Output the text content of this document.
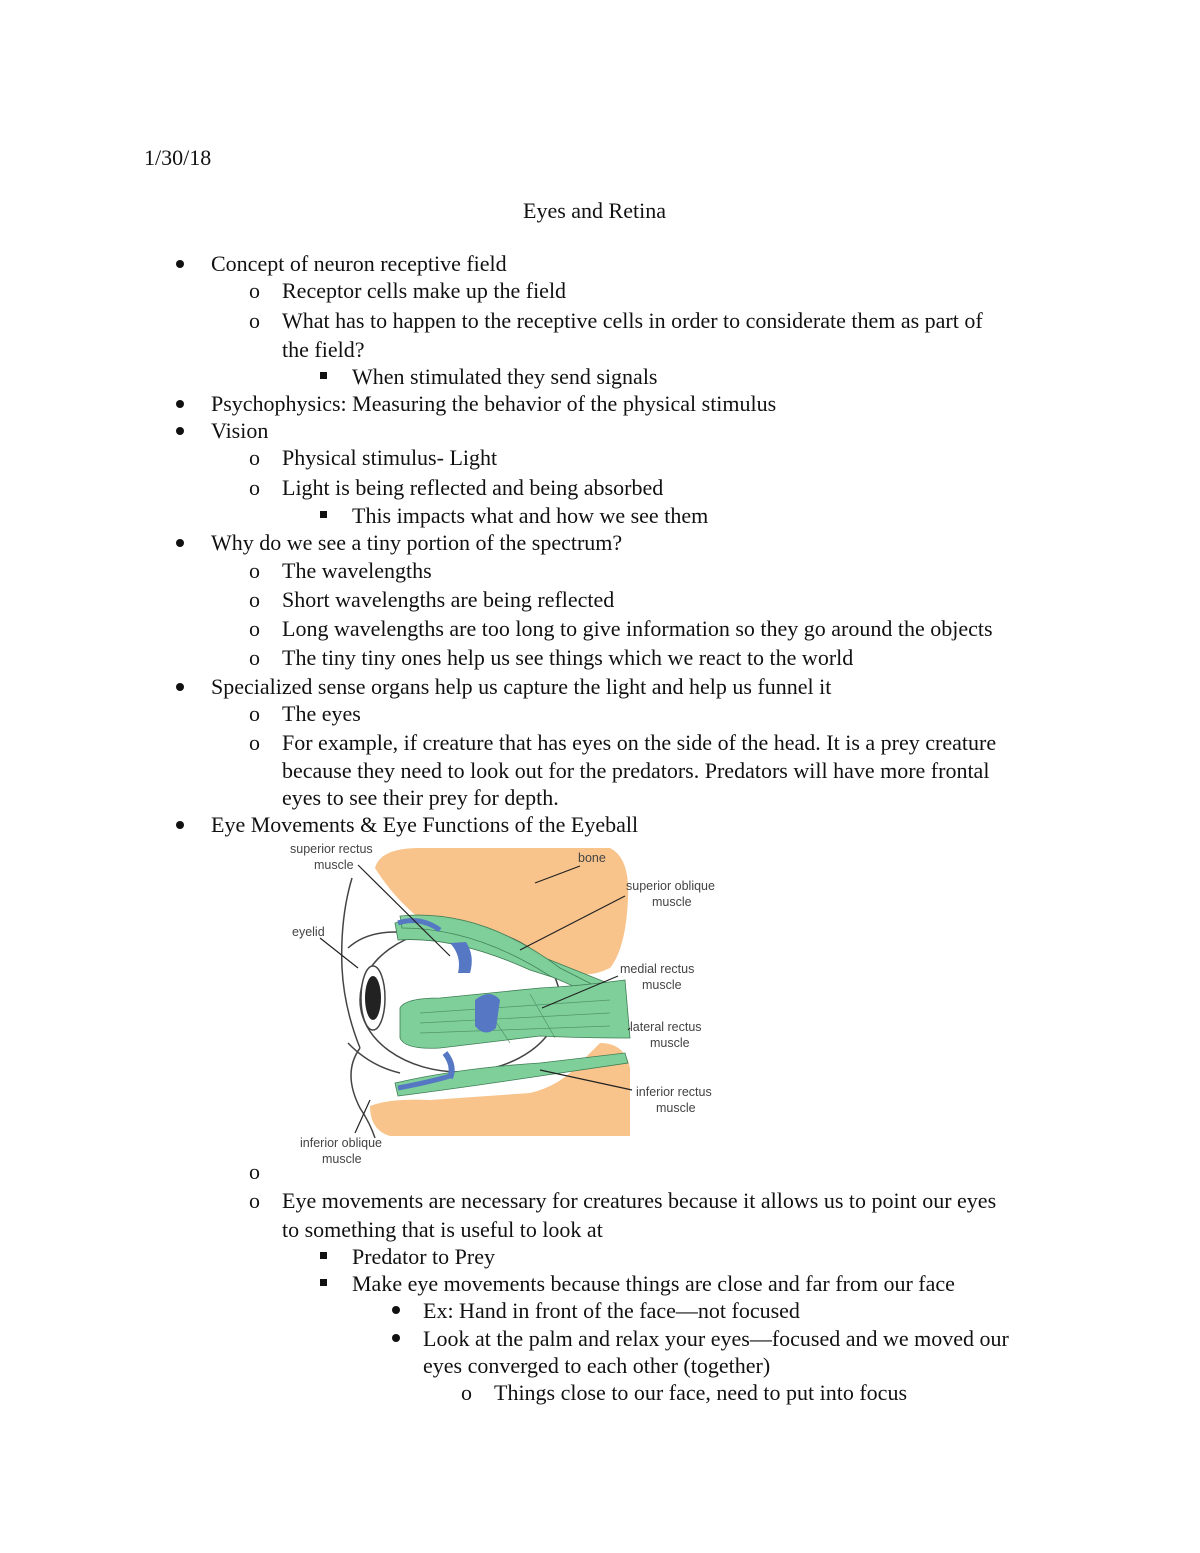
1/30/18
Eyes and Retina
Concept of neuron receptive field
o Receptor cells make up the field
o What has to happen to the receptive cells in order to considerate them as part of
the field?
When stimulated they send signals
Psychophysics: Measuring the behavior of the physical stimulus
Vision
o Physical stimulus- Light
o Light is being reflected and being absorbed
This impacts what and how we see them
Why do we see a tiny portion of the spectrum?
o The wavelengths
o Short wavelengths are being reflected
o Long wavelengths are too long to give information so they go around the objects
o The tiny tiny ones help us see things which we react to the world
Specialized sense organs help us capture the light and help us funnel it
o The eyes
o For example, if creature that has eyes on the side of the head. It is a prey creature
because they need to look out for the predators. Predators will have more frontal
eyes to see their prey for depth.
Eye Movements & Eye Functions of the Eyeball
superior rectus
muscle	bone
superior oblique
muscle
eyelid
medial rectus
muscle
lateral rectus
muscle
inferior rectus
muscle
inferior oblique
muscle
o
o Eye movements are necessary for creatures because it allows us to point our eyes
to something that is useful to look at
Predator to Prey
Make eye movements because things are close and far from our face
Ex: Hand in front of the face—not focused
Look at the palm and relax your eyes—focused and we moved our
eyes converged to each other (together)
o Things close to our face, need to put into focus
